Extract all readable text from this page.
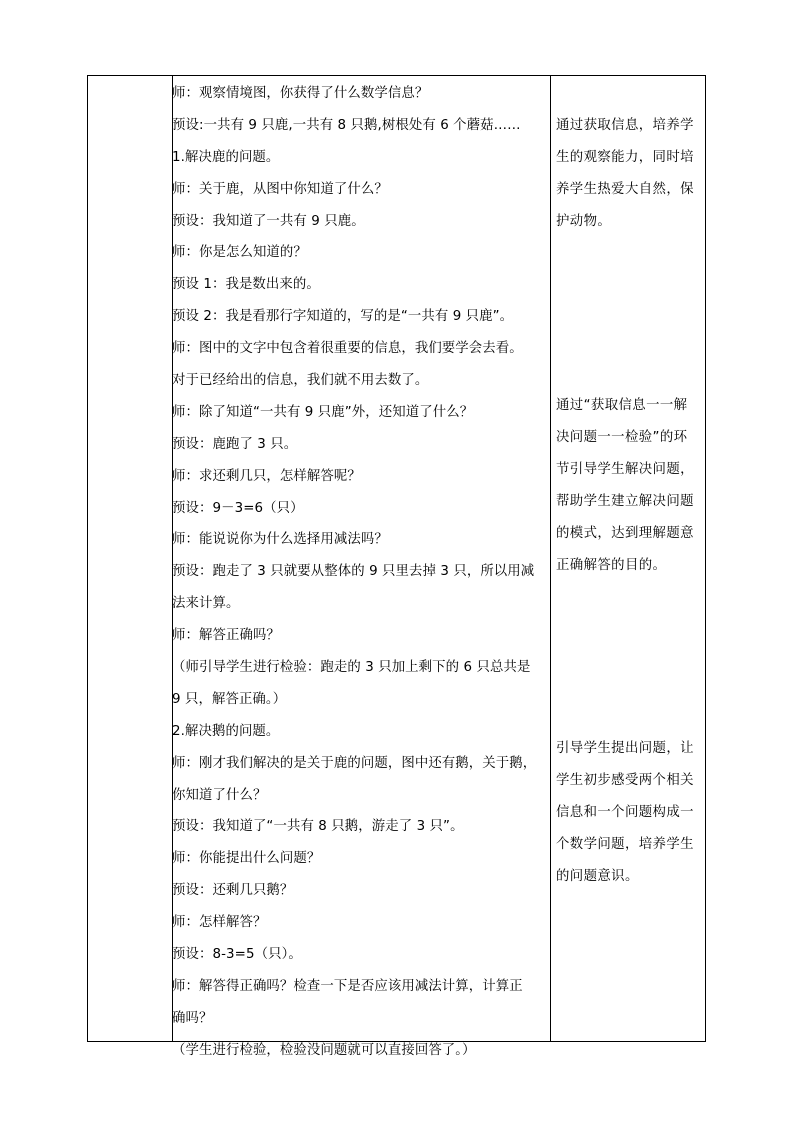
师：观察情境图，你获得了什么数学信息？
预设:一共有 9 只鹿,一共有 8 只鹅,树根处有 6 个蘑菇……
1.解决鹿的问题。
师：关于鹿，从图中你知道了什么？
预设：我知道了一共有 9 只鹿。
师：你是怎么知道的？
预设 1：我是数出来的。
预设 2：我是看那行字知道的，写的是“一共有 9 只鹿”。
师：图中的文字中包含着很重要的信息，我们要学会去看。
对于已经给出的信息，我们就不用去数了。
师：除了知道“一共有 9 只鹿”外，还知道了什么？
预设：鹿跑了 3 只。
师：求还剩几只，怎样解答呢？
预设：9－3=6（只）
师：能说说你为什么选择用减法吗？
预设：跑走了 3 只就要从整体的 9 只里去掉 3 只，所以用减
法来计算。
师：解答正确吗？
（师引导学生进行检验：跑走的 3 只加上剩下的 6 只总共是
9 只，解答正确。）
2.解决鹅的问题。
师：刚才我们解决的是关于鹿的问题，图中还有鹅，关于鹅，
你知道了什么？
预设：我知道了“一共有 8 只鹅，游走了 3 只”。
师：你能提出什么问题？
预设：还剩几只鹅？
师：怎样解答？
预设：8-3=5（只）。
师：解答得正确吗？检查一下是否应该用减法计算，计算正
确吗？
（学生进行检验，检验没问题就可以直接回答了。）
通过获取信息，培养学
生的观察能力，同时培
养学生热爱大自然，保
护动物。
通过“获取信息一一解
决问题一一检验”的环
节引导学生解决问题，
帮助学生建立解决问题
的模式，达到理解题意
正确解答的目的。
引导学生提出问题，让
学生初步感受两个相关
信息和一个问题构成一
个数学问题，培养学生
的问题意识。
